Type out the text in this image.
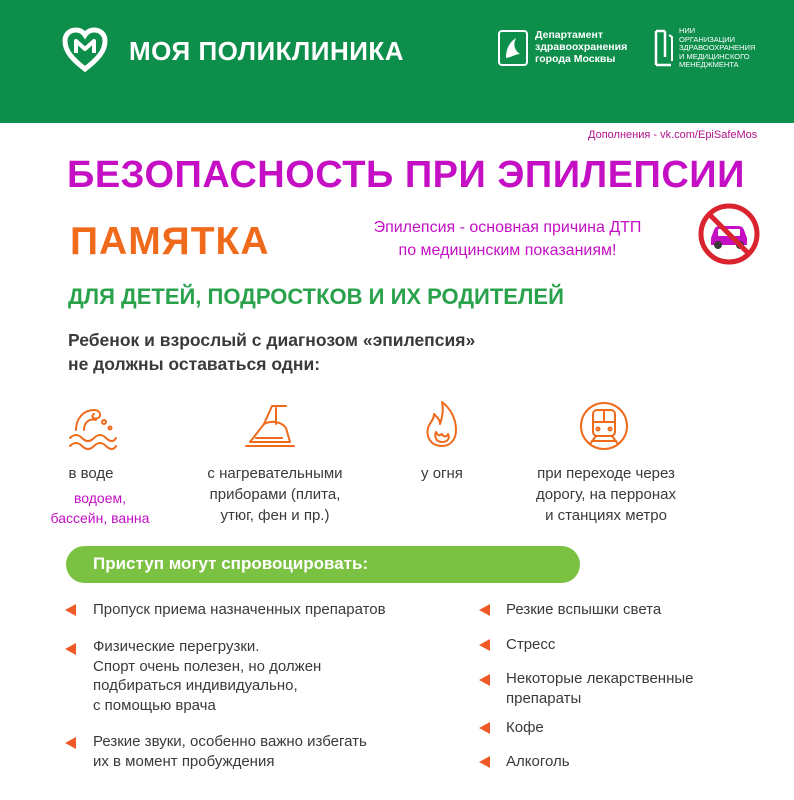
МОЯ ПОЛИКЛИНИКА
Департамент
здравоохранения
города Москвы
НИИ
ОРГАНИЗАЦИИ
ЗДРАВООХРАНЕНИЯ
И МЕДИЦИНСКОГО
МЕНЕДЖМЕНТА
Дополнения - vk.com/EpiSafeMos
БЕЗОПАСНОСТЬ ПРИ ЭПИЛЕПСИИ
ПАМЯТКА	Эпилепсия - основная причина ДТП
по медицинским показаниям!
ДЛЯ ДЕТЕЙ, ПОДРОСТКОВ И ИХ РОДИТЕЛЕЙ
Ребенок и взрослый с диагнозом «эпилепсия»
не должны оставаться одни:
в воде
водоем,
бассейн, ванна
с нагревательными
приборами (плита,
утюг, фен и пр.)
у огня	при переходе через
дорогу, на перронах
и станциях метро
Приступ могут спровоцировать:
Пропуск приема назначенных препаратов
Физические перегрузки.
Спорт очень полезен, но должен
подбираться индивидуально,
с помощью врача
Резкие звуки, особенно важно избегать
их в момент пробуждения
Резкие вспышки света
Стресс
Некоторые лекарственные
препараты
Кофе
Алкоголь
